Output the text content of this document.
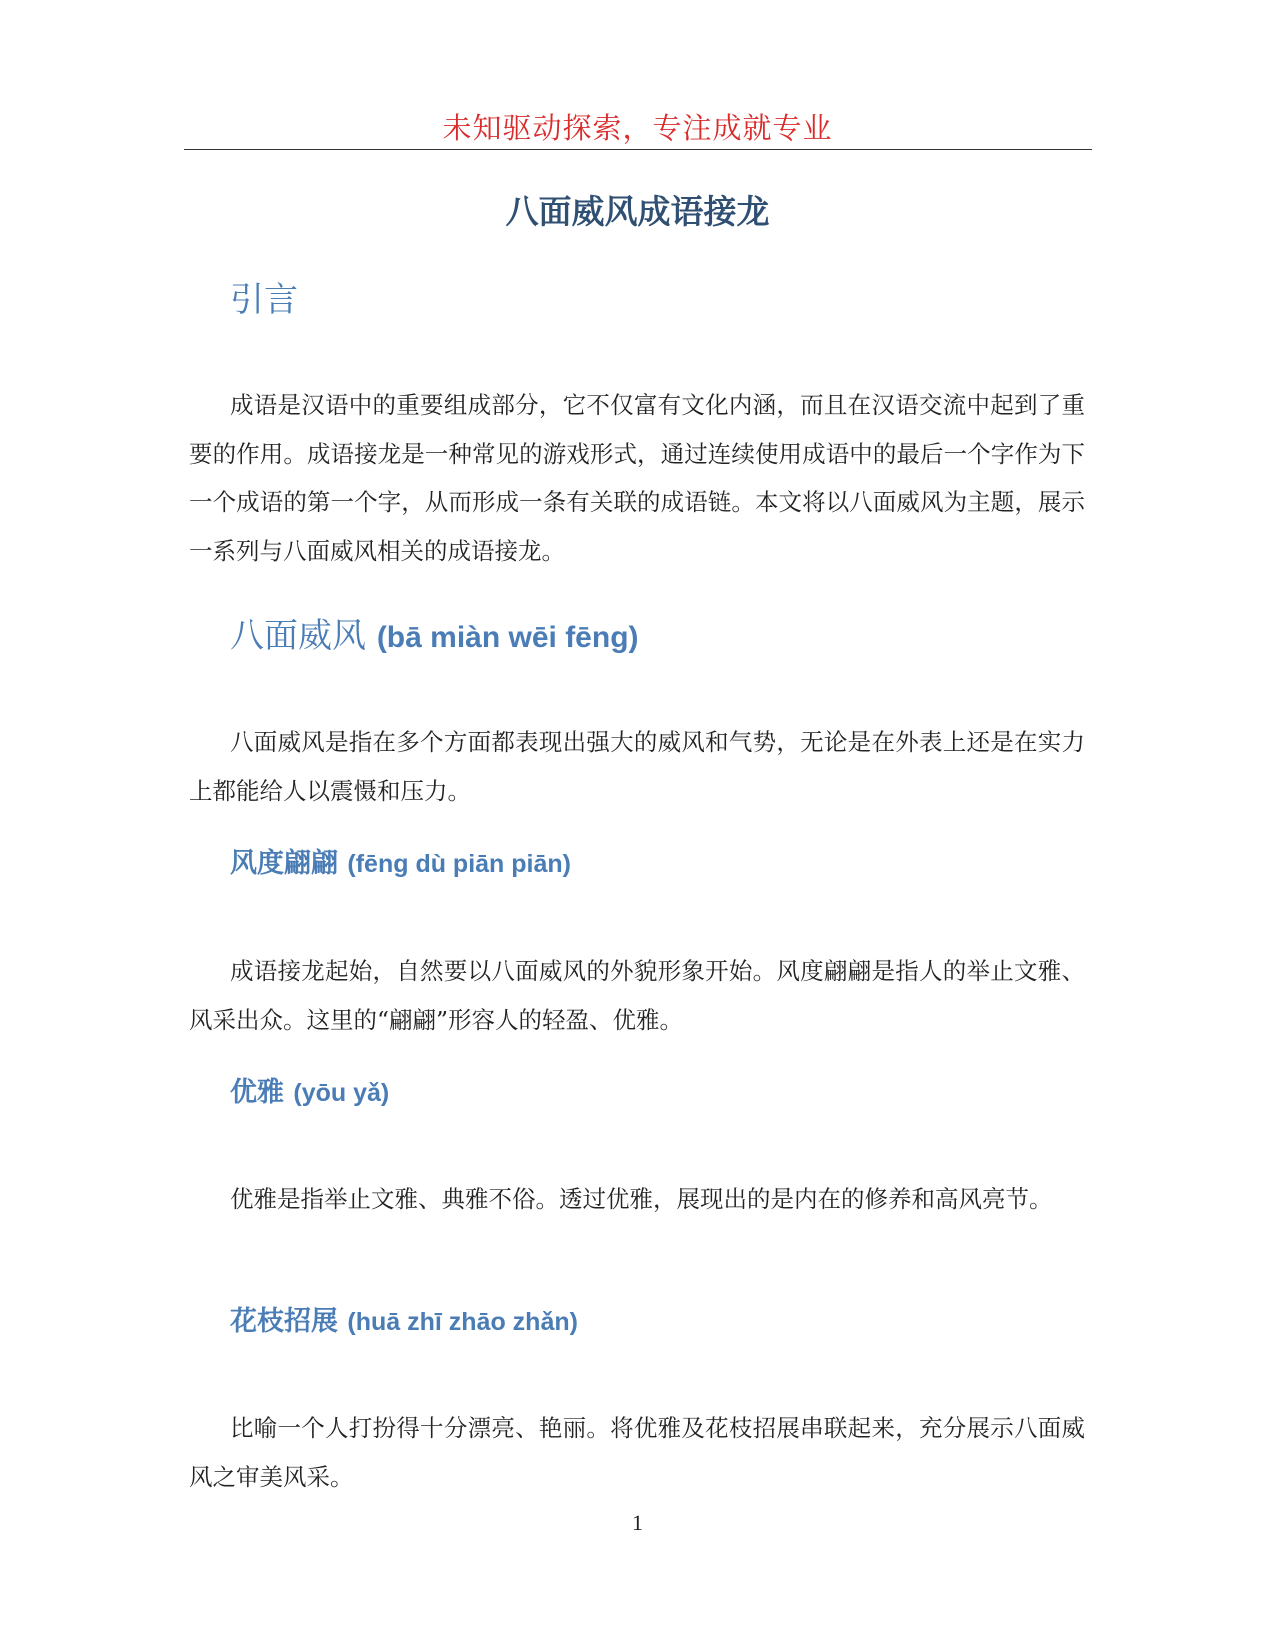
未知驱动探索，专注成就专业
八面威风成语接龙
引言
成语是汉语中的重要组成部分，它不仅富有文化内涵，而且在汉语交流中起到了重要的作用。成语接龙是一种常见的游戏形式，通过连续使用成语中的最后一个字作为下一个成语的第一个字，从而形成一条有关联的成语链。本文将以八面威风为主题，展示一系列与八面威风相关的成语接龙。
八面威风 (bā miàn wēi fēng)
八面威风是指在多个方面都表现出强大的威风和气势，无论是在外表上还是在实力上都能给人以震慑和压力。
风度翩翩 (fēng dù piān piān)
成语接龙起始，自然要以八面威风的外貌形象开始。风度翩翩是指人的举止文雅、风采出众。这里的“翩翩”形容人的轻盈、优雅。
优雅 (yōu yǎ)
优雅是指举止文雅、典雅不俗。透过优雅，展现出的是内在的修养和高风亮节。
花枝招展 (huā zhī zhāo zhǎn)
比喻一个人打扮得十分漂亮、艳丽。将优雅及花枝招展串联起来，充分展示八面威风之审美风采。
1
